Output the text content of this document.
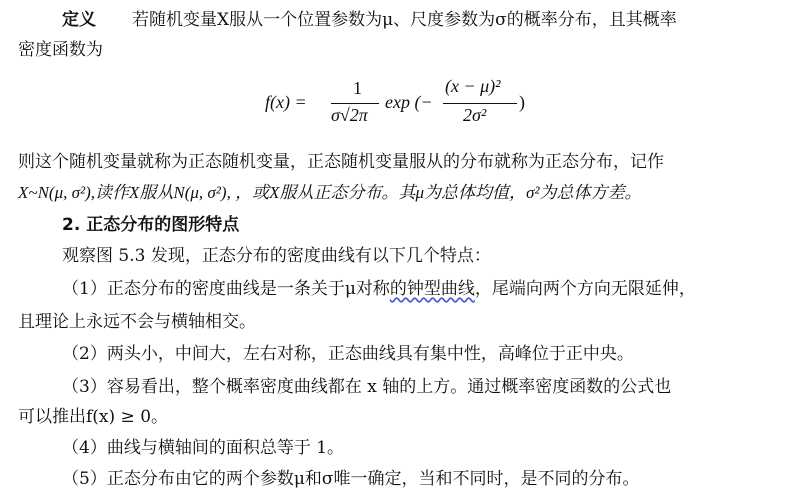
定义 若随机变量X服从一个位置参数为μ、尺度参数为σ的概率分布，且其概率
密度函数为
f(x) =
1
σ√2π
exp (−
(x − μ)²
2σ²
)
则这个随机变量就称为正态随机变量，正态随机变量服从的分布就称为正态分布，记作
X~N(μ, σ²),读作X服从N(μ, σ²), ，或X服从正态分布。其μ为总体均值，σ²为总体方差。
2. 正态分布的图形特点
观察图 5.3 发现，正态分布的密度曲线有以下几个特点：
（1）正态分布的密度曲线是一条关于μ对称的钟型曲线，尾端向两个方向无限延伸，
且理论上永远不会与横轴相交。
（2）两头小，中间大，左右对称，正态曲线具有集中性，高峰位于正中央。
（3）容易看出，整个概率密度曲线都在 x 轴的上方。通过概率密度函数的公式也
可以推出f(x) ≥ 0。
（4）曲线与横轴间的面积总等于 1。
（5）正态分布由它的两个参数μ和σ唯一确定，当和不同时，是不同的分布。
